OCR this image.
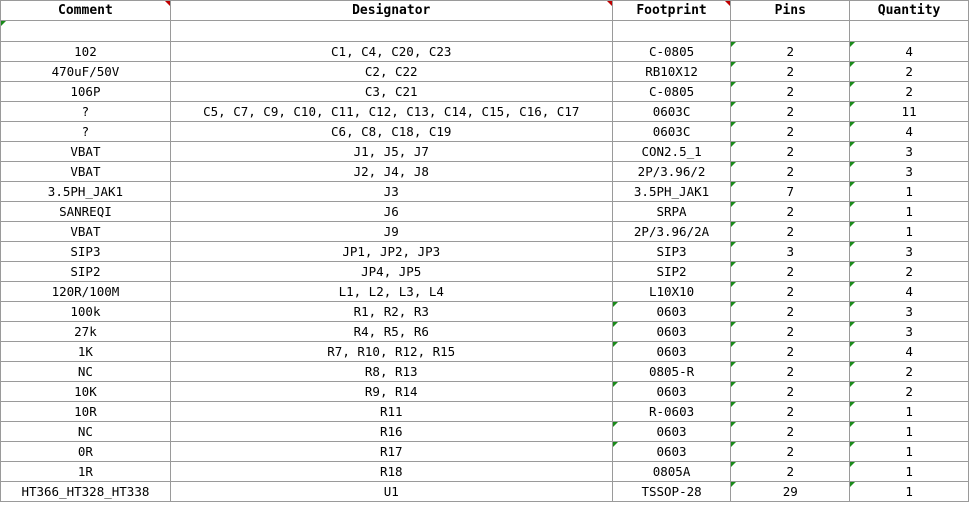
Comment	Designator	Footprint	Pins	Quantity

102	C1, C4, C20, C23	C-0805	2	4
470uF/50V	C2, C22	RB10X12	2	2
106P	C3, C21	C-0805	2	2
?	C5, C7, C9, C10, C11, C12, C13, C14, C15, C16, C17	0603C	2	11
?	C6, C8, C18, C19	0603C	2	4
VBAT	J1, J5, J7	CON2.5_1	2	3
VBAT	J2, J4, J8	2P/3.96/2	2	3
3.5PH_JAK1	J3	3.5PH_JAK1	7	1
SANREQI	J6	SRPA	2	1
VBAT	J9	2P/3.96/2A	2	1
SIP3	JP1, JP2, JP3	SIP3	3	3
SIP2	JP4, JP5	SIP2	2	2
120R/100M	L1, L2, L3, L4	L10X10	2	4
100k	R1, R2, R3	0603	2	3
27k	R4, R5, R6	0603	2	3
1K	R7, R10, R12, R15	0603	2	4
NC	R8, R13	0805-R	2	2
10K	R9, R14	0603	2	2
10R	R11	R-0603	2	1
NC	R16	0603	2	1
0R	R17	0603	2	1
1R	R18	0805A	2	1
HT366_HT328_HT338	U1	TSSOP-28	29	1
